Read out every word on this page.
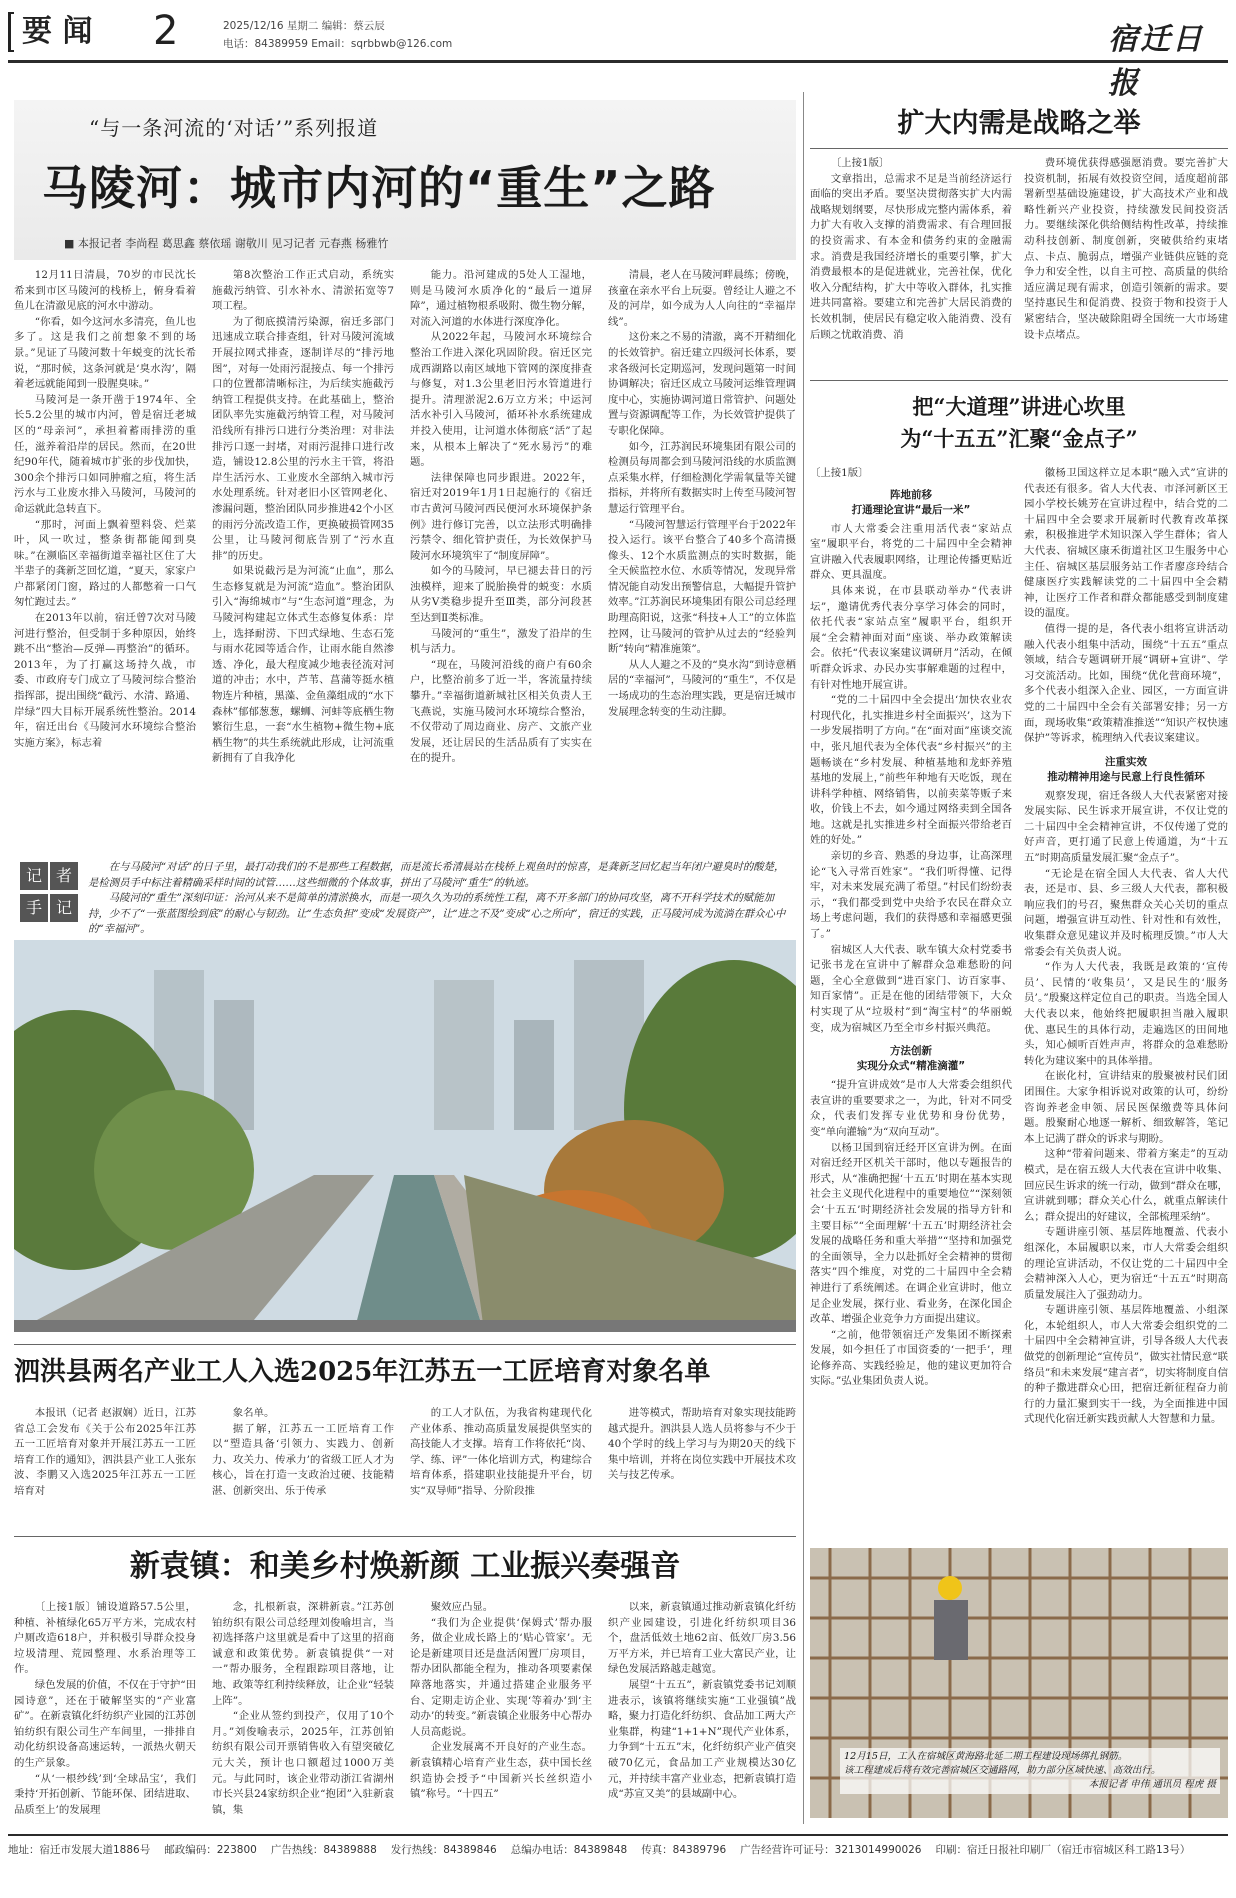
要 闻 2	2025/12/16 星期二 编辑：蔡云辰
电话：84389959 Email：sqrbbwb@126.com	宿迁日报
“与一条河流的‘对话’”系列报道
马陵河：城市内河的“重生”之路
■ 本报记者 李尚程 葛思鑫 蔡依瑶 谢敬川 见习记者 元春燕 杨雅竹

12月11日清晨，70岁的市民沈长希来到市区马陵河的栈桥上，俯身看着鱼儿在清澈见底的河水中游动。

“你看，如今这河水多清亮，鱼儿也多了。这是我们之前想象不到的场景。”见证了马陵河数十年蜕变的沈长希说，“那时候，这条河就是‘臭水沟’，隔着老远就能闻到一股腥臭味。”

马陵河是一条开凿于1974年、全长5.2公里的城市内河，曾是宿迁老城区的“母亲河”，承担着蓄雨排涝的重任，滋养着沿岸的居民。然而，在20世纪90年代，随着城市扩张的步伐加快，300余个排污口如同肿瘤之疽，将生活污水与工业废水排入马陵河，马陵河的命运就此急转直下。

“那时，河面上飘着塑料袋、烂菜叶，风一吹过，整条街都能闻到臭味。”在濒临区幸福街道幸福社区住了大半辈子的龚新芝回忆道，“夏天，家家户户都紧闭门窗，路过的人都憋着一口气匆忙跑过去。”

在2013年以前，宿迁曾7次对马陵河进行整治，但受制于多种原因，始终跳不出“整治—反弹—再整治”的循环。2013年，为了打赢这场持久战，市委、市政府专门成立了马陵河综合整治指挥部，提出围绕“截污、水清、路通、岸绿”四大目标开展系统性整治。2014年，宿迁出台《马陵河水环境综合整治实施方案》，标志着

第8次整治工作正式启动，系统实施截污纳管、引水补水、清淤拓宽等7项工程。

为了彻底摸清污染源，宿迁多部门迅速成立联合排查组，针对马陵河流域开展拉网式排查，逐制详尽的“排污地图”，对每一处雨污混接点、每一个排污口的位置都清晰标注，为后续实施截污纳管工程提供支持。在此基础上，整治团队率先实施截污纳管工程，对马陵河沿线所有排污口进行分类治理：对非法排污口逐一封堵，对雨污混排口进行改造，铺设12.8公里的污水主干管，将沿岸生活污水、工业废水全部纳入城市污水处理系统。针对老旧小区管网老化、渗漏问题，整治团队同步推进42个小区的雨污分流改造工作，更换破损管网35公里，让马陵河彻底告别了“污水直排”的历史。

如果说截污是为河流“止血”，那么生态修复就是为河流“造血”。整治团队引入“海绵城市”与“生态河道”理念，为马陵河构建起立体式生态修复体系：岸上，选择耐涝、下凹式绿地、生态石笼与雨水花园等适合作，让雨水能自然渗透、净化，最大程度减少地表径流对河道的冲击；水中，芦苇、菖蒲等挺水植物连片种植，黑藻、金鱼藻组成的“水下森林”郁郁葱葱，螺蛳、河蚌等底栖生物繁衍生息，一套“水生植物+微生物+底栖生物”的共生系统就此形成，让河流重新拥有了自我净化

能力。沿河建成的5处人工湿地，则是马陵河水质净化的“最后一道屏障”，通过植物根系吸附、微生物分解，对流入河道的水体进行深度净化。

从2022年起，马陵河水环境综合整治工作进入深化巩固阶段。宿迁区完成西湖路以南区域地下管网的深度排查与修复，对1.3公里老旧污水管道进行提升。清理淤泥2.6万立方米；中运河活水补引入马陵河，循环补水系统建成并投入使用，让河道水体彻底“活”了起来，从根本上解决了“死水易污”的难题。

法律保障也同步跟进。2022年，宿迁对2019年1月1日起施行的《宿迁市古黄河马陵河西民便河水环境保护条例》进行修订完善，以立法形式明确排污禁令、细化管护责任，为长效保护马陵河水环境筑牢了“制度屏障”。

如今的马陵河，早已褪去昔日的污浊模样，迎来了脱胎换骨的蜕变：水质从劣Ⅴ类稳步提升至Ⅲ类，部分河段甚至达到Ⅱ类标准。

马陵河的“重生”，激发了沿岸的生机与活力。

“现在，马陵河沿线的商户有60余户，比整治前多了近一半，客流量持续攀升。”幸福街道新城社区相关负责人王飞燕说，实施马陵河水环境综合整治，不仅带动了周边商业、房产、文旅产业发展，还让居民的生活品质有了实实在在的提升。

清晨，老人在马陵河畔晨练；傍晚，孩童在亲水平台上玩耍。曾经让人避之不及的河岸，如今成为人人向往的“幸福岸线”。

这份来之不易的清澈，离不开精细化的长效管护。宿迁建立四级河长体系，要求各级河长定期巡河，发现问题第一时间协调解决；宿迁区成立马陵河运维管理调度中心，实施协调河道日常管护、问题处置与资源调配等工作，为长效管护提供了专职化保障。

如今，江苏润民环境集团有限公司的检测员每周都会到马陵河沿线的水质监测点采集水样，仔细检测化学需氧量等关键指标，并将所有数据实时上传至马陵河智慧运行管理平台。

“马陵河智慧运行管理平台于2022年投入运行。该平台整合了40多个高清摄像头、12个水质监测点的实时数据，能全天候监控水位、水质等情况，发现异常情况能自动发出预警信息，大幅提升管护效率。”江苏润民环境集团有限公司总经理助理高阳说，这张“科技+人工”的立体监控网，让马陵河的管护从过去的“经验判断”转向“精准施策”。

从人人避之不及的“臭水沟”到诗意栖居的“幸福河”，马陵河的“重生”，不仅是一场成功的生态治理实践，更是宿迁城市发展理念转变的生动注脚。

记 者
手 记

在与马陵河“对话”的日子里，最打动我们的不是那些工程数据，而是流长希清晨站在栈桥上观鱼时的惊喜，是龚新芝回忆起当年闭户避臭时的酸楚，是检测员手中标注着精确采样时间的试管……这些细微的个体故事，拼出了马陵河“重生”的轨迹。

马陵河的“重生”深刻印证：治河从来不是简单的清淤换水，而是一项久久为功的系统性工程，离不开多部门的协同攻坚，离不开科学技术的赋能加持，少不了“一张蓝图绘到底”的耐心与韧劲。让“生态负担”变成“发展资产”，让“进之不及”变成“心之所向”，宿迁的实践，正马陵河成为流淌在群众心中的“幸福河”。

扩大内需是战略之举

〔上接1版〕

文章指出，总需求不足是当前经济运行面临的突出矛盾。要坚决贯彻落实扩大内需战略规划纲要，尽快形成完整内需体系，着力扩大有收入支撑的消费需求、有合理回报的投资需求、有本金和债务约束的金融需求。消费是我国经济增长的重要引擎，扩大消费最根本的是促进就业，完善社保，优化收入分配结构，扩大中等收入群体，扎实推进共同富裕。要建立和完善扩大居民消费的长效机制，使居民有稳定收入能消费、没有后顾之忧敢消费、消

费环境优获得感强愿消费。要完善扩大投资机制，拓展有效投资空间，适度超前部署新型基础设施建设，扩大高技术产业和战略性新兴产业投资，持续激发民间投资活力。要继续深化供给侧结构性改革，持续推动科技创新、制度创新，突破供给约束堵点、卡点、脆弱点，增强产业链供应链的竞争力和安全性，以自主可控、高质量的供给适应满足现有需求，创造引领新的需求。要坚持惠民生和促消费、投资于物和投资于人紧密结合，坚决破除阻碍全国统一大市场建设卡点堵点。

把“大道理”讲进心坎里
为“十五五”汇聚“金点子”
〔上接1版〕
阵地前移
打通理论宣讲“最后一米”

市人大常委会注重用活代表“家站点室”履职平台，将党的二十届四中全会精神宣讲融入代表履职网络，让理论传播更贴近群众、更具温度。

具体来说，在市县联动举办“代表讲坛”，邀请优秀代表分享学习体会的同时，依托代表“家站点室”履职平台，组织开展“全会精神面对面”座谈、举办政策解读会。依托“代表议案建议调研月”活动，在倾听群众诉求、办民办实事解难题的过程中，有针对性地开展宣讲。

“党的二十届四中全会提出‘加快农业农村现代化，扎实推进乡村全面振兴’，这为下一步发展指明了方向。”在“面对面”座谈交流中，张凡旭代表为全体代表“乡村振兴”的主题畅谈在“乡村发展、种植基地和龙虾养殖基地的发展上，”前些年种地有天吃饭，现在讲科学种植、网络销售，以前卖菜等贩子来收，价钱上不去，如今通过网络卖到全国各地。这就是扎实推进乡村全面振兴带给老百姓的好处。”

亲切的乡音、熟悉的身边事，让高深理论“飞入寻常百姓家”。“我们听得懂、记得牢，对未来发展充满了希望。”村民们纷纷表示，“我们都受到党中央给予农民在群众立场上考虑问题，我们的获得感和幸福感更强了。”

宿城区人大代表、耿车镇大众村党委书记张书龙在宣讲中了解群众急难愁盼的问题，全心全意做到“进百家门、访百家事、知百家情”。正是在他的团结带领下，大众村实现了从“垃圾村”到“淘宝村”的华丽蜕变，成为宿城区乃至全市乡村振兴典范。

方法创新
实现分众式“精准滴灌”

“提升宣讲成效”是市人大常委会组织代表宣讲的重要要求之一，为此，针对不同受众，代表们发挥专业优势和身份优势，变“单向灌输”为“双向互动”。

以杨卫国到宿迁经开区宣讲为例。在面对宿迁经开区机关干部时，他以专题报告的形式，从“准确把握‘十五五’时期在基本实现社会主义现代化进程中的重要地位”“深刻领会‘十五五’时期经济社会发展的指导方针和主要目标”“全面理解‘十五五’时期经济社会发展的战略任务和重大举措”“坚持和加强党的全面领导，全力以赴抓好全会精神的贯彻落实”四个维度，对党的二十届四中全会精神进行了系统阐述。在调企业宣讲时，他立足企业发展，探行业、看业务，在深化国企改革、增强企业竞争力方面提出建议。

“之前，他带领宿迁产发集团不断探索发展，如今担任了市国资委的‘一把手’，理论修养高、实践经验足，他的建议更加符合实际。”弘业集团负责人说。

徽杨卫国这样立足本职“融入式”宣讲的代表还有很多。省人大代表、市泽河新区王园小学校长姚芳在宣讲过程中，结合党的二十届四中全会要求开展新时代教育改革探索，积极推进学术知识深入学生群体；省人大代表、宿城区康禾街道社区卫生服务中心主任、宿城区基层服务站工作者廖彦玲结合健康医疗实践解读党的二十届四中全会精神，让医疗工作者和群众都能感受到制度建设的温度。

值得一提的是，各代表小组将宣讲活动融入代表小组集中活动，围绕“十五五”重点领域，结合专题调研开展“调研+宣讲”、学习交流活动。比如，围绕“优化营商环境”，多个代表小组深入企业、园区，一方面宣讲党的二十届四中全会有关部署安排；另一方面，现场收集“政策精准推送”“知识产权快速保护”等诉求，梳理纳入代表议案建议。

注重实效
推动精神用途与民意上行良性循环

观察发现，宿迁各级人大代表紧密对接发展实际、民生诉求开展宣讲，不仅让党的二十届四中全会精神宣讲，不仅传递了党的好声音，更打通了民意上传通道，为“十五五”时期高质量发展汇聚“金点子”。

“无论是在宿全国人大代表、省人大代表，还是市、县、乡三级人大代表，都积极响应我们的号召，聚焦群众关心关切的重点问题，增强宣讲互动性、针对性和有效性，收集群众意见建议并及时梳理反馈。”市人大常委会有关负责人说。

“作为人大代表，我既是政策的‘宣传员’、民情的‘收集员’，又是民生的‘服务员’。”殷聚这样定位自己的职责。当选全国人大代表以来，他始终把履职担当融入履职优、惠民生的具体行动，走遍选区的田间地头，知心倾听百姓声声，将群众的急难愁盼转化为建议案中的具体举措。

在嵌化村，宣讲结束的殷聚被村民们团团围住。大家争相诉说对政策的认可，纷纷咨询养老金申领、居民医保缴费等具体问题。殷聚耐心地逐一解析、细致解答，笔记本上记满了群众的诉求与期盼。

这种“带着问题来、带着方案走”的互动模式，是在宿五级人大代表在宣讲中收集、回应民生诉求的统一行动，做到“群众在哪，宣讲就到哪；群众关心什么，就重点解读什么；群众提出的好建议，全部梳理采纳”。

专题讲座引领、基层阵地覆盖、代表小组深化，本届履职以来，市人大常委会组织的理论宣讲活动，不仅让党的二十届四中全会精神深入人心，更为宿迁“十五五”时期高质量发展注入了强劲动力。

专题讲座引领、基层阵地覆盖、小组深化，本轮组织人，市人大常委会组织党的二十届四中全会精神宣讲，引导各级人大代表做党的创新理论“宣传员”，做实社情民意“联络员”和未来发展“建言者”，切实将制度自信的种子撒进群众心田，把宿迁新征程奋力前行的力量汇聚到实干一线，为全面推进中国式现代化宿迁新实践贡献人大智慧和力量。

12月15日，工人在宿城区黄海路北延二期工程建设现场绑扎钢筋。
该工程建成后将有效完善宿城区交通路网，助力部分区域快速、高效出行。
本报记者 申伟 通讯员 程虎 摄
泗洪县两名产业工人入选2025年江苏五一工匠培育对象名单

本报讯（记者 赵淑娴）近日，江苏省总工会发布《关于公布2025年江苏五一工匠培育对象并开展江苏五一工匠培育工作的通知》，泗洪县产业工人张东波、李鹏又入选2025年江苏五一工匠培育对

象名单。

据了解，江苏五一工匠培育工作以“塑造具备‘引领力、实践力、创新力、攻关力、传承力’的省级工匠人才为核心，旨在打造一支政治过硬、技能精湛、创新突出、乐于传承

的工人才队伍，为我省构建现代化产业体系、推动高质量发展提供坚实的高技能人才支撑。培育工作将依托“岗、学、练、评”一体化培训方式，构建综合培育体系，搭建职业技能提升平台，切实“双导师”指导、分阶段推

进等模式，帮助培育对象实现技能跨越式提升。泗洪县人选人员将参与不少于40个学时的线上学习与为期20天的线下集中培训，并将在岗位实践中开展技术攻关与技艺传承。

新袁镇：和美乡村焕新颜 工业振兴奏强音

〔上接1版〕铺设道路57.5公里，种植、补植绿化65万平方米，完成农村户厕改造618户，并积极引导群众投身垃圾清理、荒园整理、水系治理等工作。

绿色发展的价值，不仅在于守护“田园诗意”，还在于破解坚实的“产业富矿”。在新袁镇化纤纺织产业园的江苏创铂纺织有限公司生产车间里，一排排自动化纺织设备高速运转，一派热火朝天的生产景象。

“从‘一根纱线’到‘全球品宝’，我们秉持‘开拓创新、节能环保、团结进取、品质至上’的发展理

念，扎根新袁，深耕新袁。”江苏创铂纺织有限公司总经理刘俊喻坦言，当初选择落户这里就是看中了这里的招商诚意和政策优势。新袁镇提供“一对一”帮办服务，全程跟踪项目落地，让地、政策等红利持续释放，让企业“轻装上阵”。

“企业从签约到投产，仅用了10个月。”刘俊喻表示，2025年，江苏创铂纺织有限公司开票销售收入有望突破亿元大关，预计也口额超过1000万美元。与此同时，该企业带动浙江省湖州市长兴县24家纺织企业“抱团”入驻新袁镇，集

聚效应凸显。

“我们为企业提供‘保姆式’帮办服务，做企业成长路上的‘贴心管家’。无论是新建项目还是盘活闲置厂房项目，帮办团队都能全程为，推动各项要素保障落地落实，并通过搭建企业服务平台、定期走访企业、实现‘等着办’到‘主动办’的转变。”新袁镇企业服务中心帮办人员高彪说。

企业发展离不开良好的产业生态。新袁镇精心培育产业生态，获中国长丝织造协会授予“中国新兴长丝织造小镇”称号。“十四五”

以来，新袁镇通过推动新袁镇化纤纺织产业园建设，引进化纤纺织项目36个，盘活低效土地62亩、低效厂房3.56万平方米，并已培育工业大富民产业，让绿色发展活路越走越宽。

展望“十五五”，新袁镇党委书记刘顺进表示，该镇将继续实施“工业强镇”战略，聚力打造化纤纺织、食品加工两大产业集群，构建“1+1+N”现代产业体系，力争到“十五五”末，化纤纺织产业产值突破70亿元，食品加工产业规模达30亿元，并持续丰富产业业态，把新袁镇打造成“苏宣又美”的县域副中心。

地址：宿迁市发展大道1886号 邮政编码：223800 广告热线：84389888 发行热线：84389846 总编办电话：84389848 传真：84389796 广告经营许可证号：3213014990026 印刷：宿迁日报社印刷厂（宿迁市宿城区科工路13号）
